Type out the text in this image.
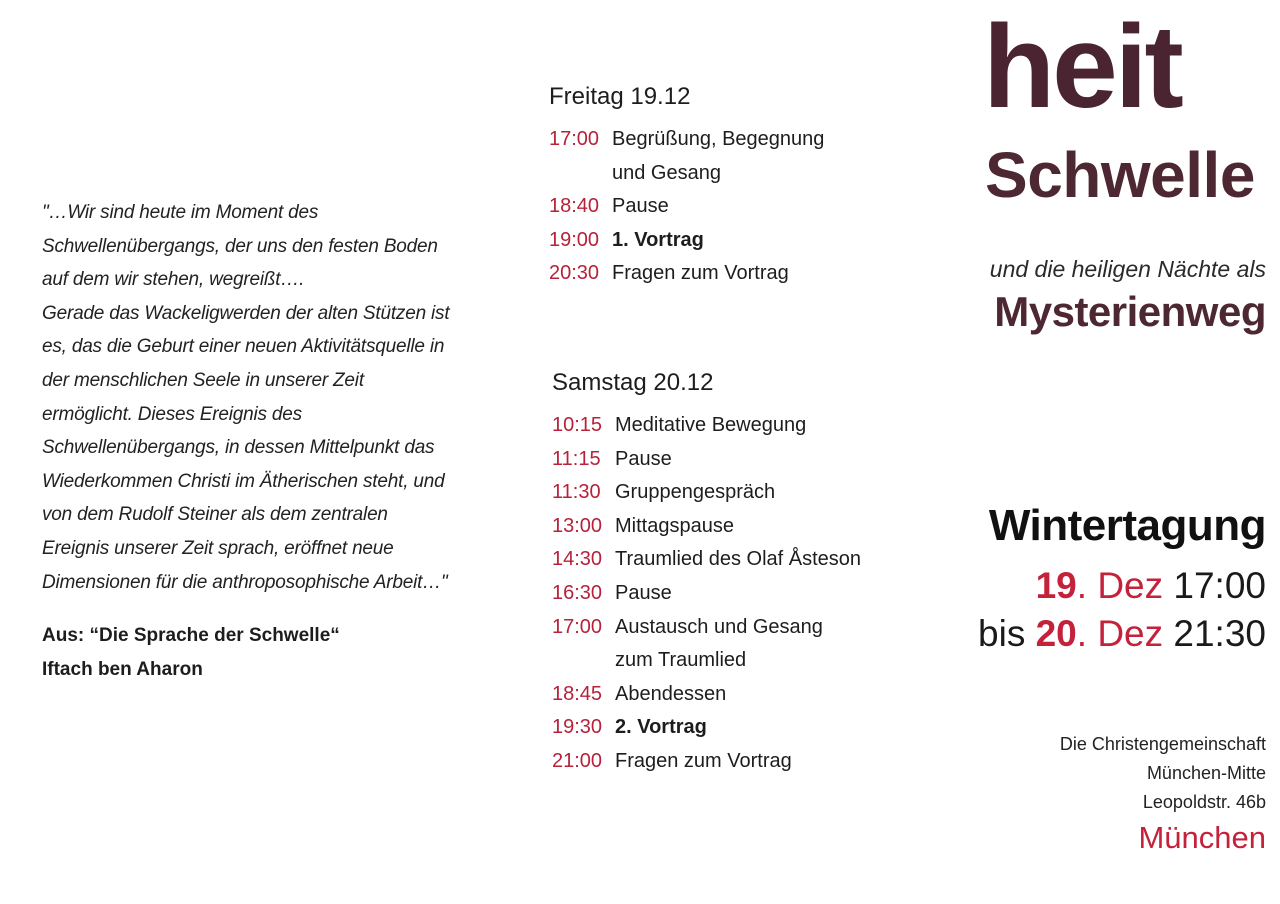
"…Wir sind heute im Moment des
Schwellenübergangs, der uns den festen Boden
auf dem wir stehen, wegreißt….
Gerade das Wackeligwerden der alten Stützen ist
es, das die Geburt einer neuen Aktivitätsquelle in
der menschlichen Seele in unserer Zeit
ermöglicht. Dieses Ereignis des
Schwellenübergangs, in dessen Mittelpunkt das
Wiederkommen Christi im Ätherischen steht, und
von dem Rudolf Steiner als dem zentralen
Ereignis unserer Zeit sprach, eröffnet neue
Dimensionen für die anthroposophische Arbeit…"

Aus: “Die Sprache der Schwelle“
Iftach ben Aharon

Freitag 19.12
17:00 Begrüßung, Begegnung
und Gesang
18:40 Pause
19:00 1. Vortrag
20:30 Fragen zum Vortrag
Samstag 20.12
10:15 Meditative Bewegung
11:15 Pause
11:30 Gruppengespräch
13:00 Mittagspause
14:30 Traumlied des Olaf Åsteson
16:30 Pause
17:00 Austausch und Gesang
zum Traumlied
18:45 Abendessen
19:30 2. Vortrag
21:00 Fragen zum Vortrag
heit
Schwelle
und die heiligen Nächte als
Mysterienweg
Wintertagung
19. Dez 17:00
bis 20. Dez 21:30
Die Christengemeinschaft
München-Mitte
Leopoldstr. 46b
München
